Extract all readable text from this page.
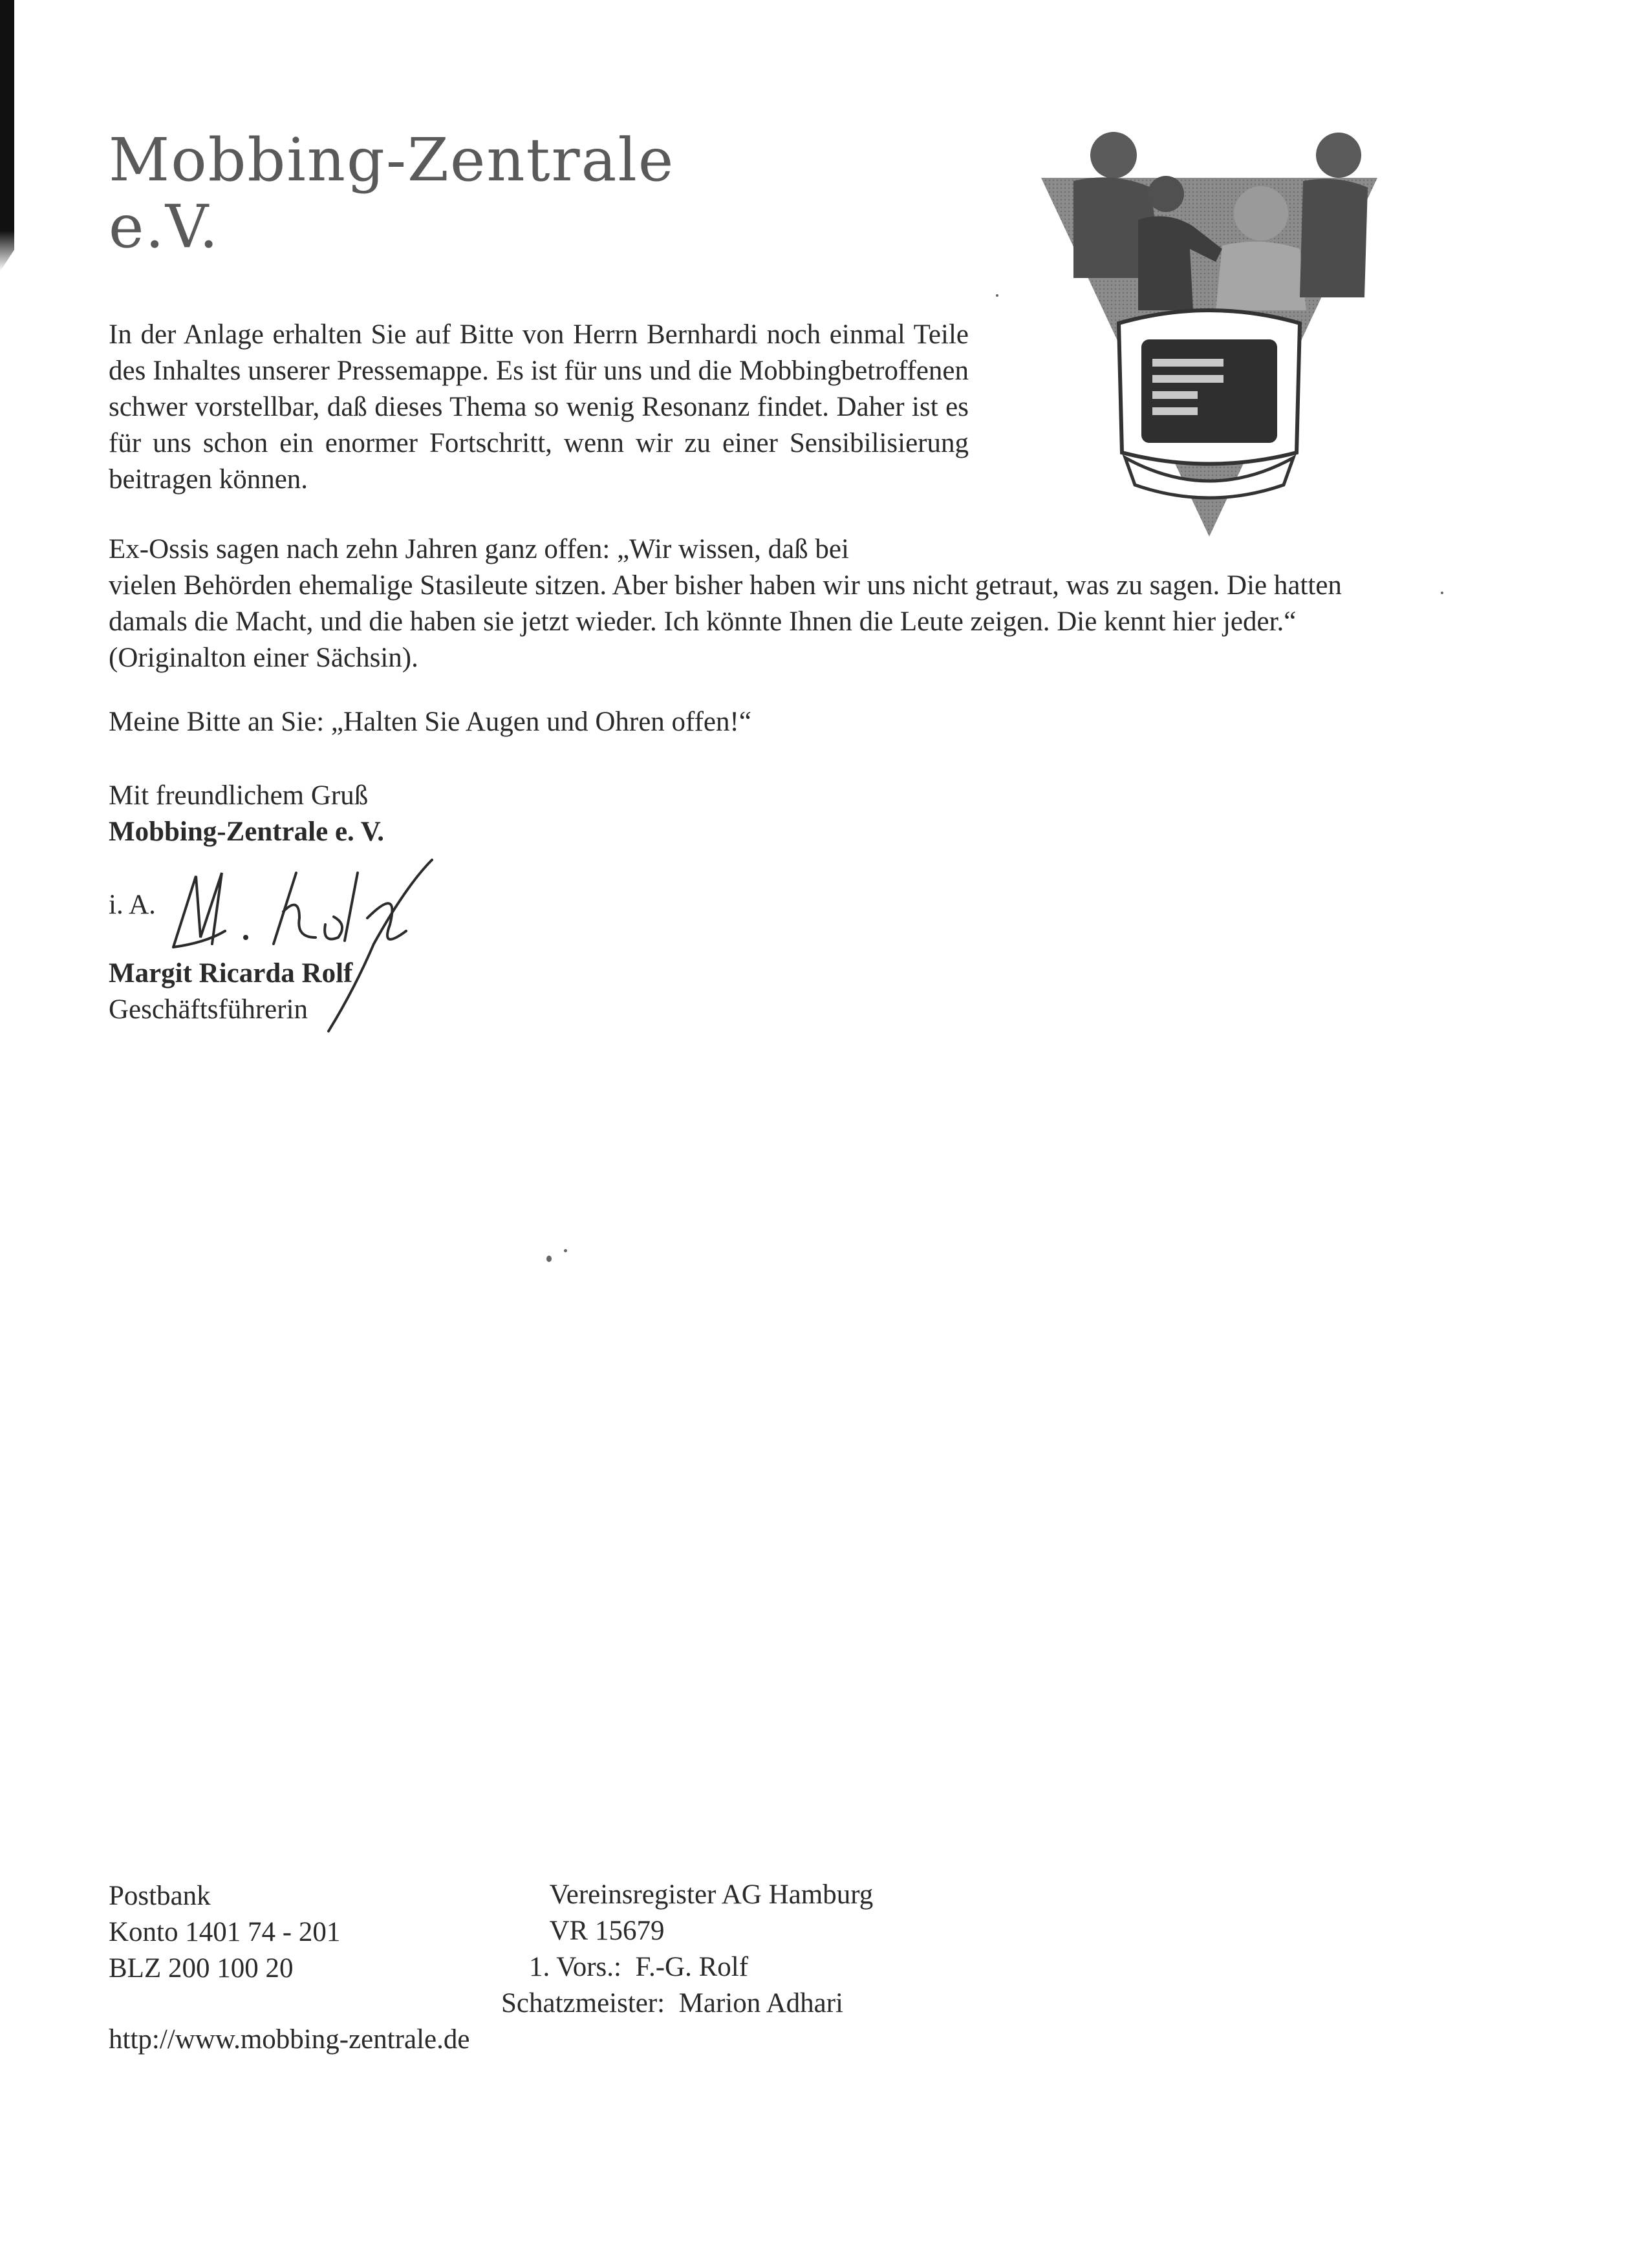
Mobbing-Zentrale
e.V.

In der Anlage erhalten Sie auf Bitte von Herrn Bernhardi noch einmal Teile des Inhaltes unserer Pressemappe. Es ist für uns und die Mobbingbetroffenen schwer vorstellbar, daß dieses Thema so wenig Resonanz findet. Daher ist es für uns schon ein enormer Fortschritt, wenn wir zu einer Sensibilisierung beitragen können.

Ex-Ossis sagen nach zehn Jahren ganz offen: „Wir wissen, daß bei
vielen Behörden ehemalige Stasileute sitzen. Aber bisher haben wir uns nicht getraut, was zu sagen. Die hatten damals die Macht, und die haben sie jetzt wieder. Ich könnte Ihnen die Leute zeigen. Die kennt hier jeder.“ (Originalton einer Sächsin).

Meine Bitte an Sie: „Halten Sie Augen und Ohren offen!“

Mit freundlichem Gruß
Mobbing-Zentrale e. V.
i. A.
Margit Ricarda Rolf
Geschäftsführerin
Postbank
Konto 1401 74 - 201
BLZ 200 100 20
Vereinsregister AG Hamburg
VR 15679
1. Vors.:  F.-G. Rolf
Schatzmeister:  Marion Adhari
http://www.mobbing-zentrale.de
